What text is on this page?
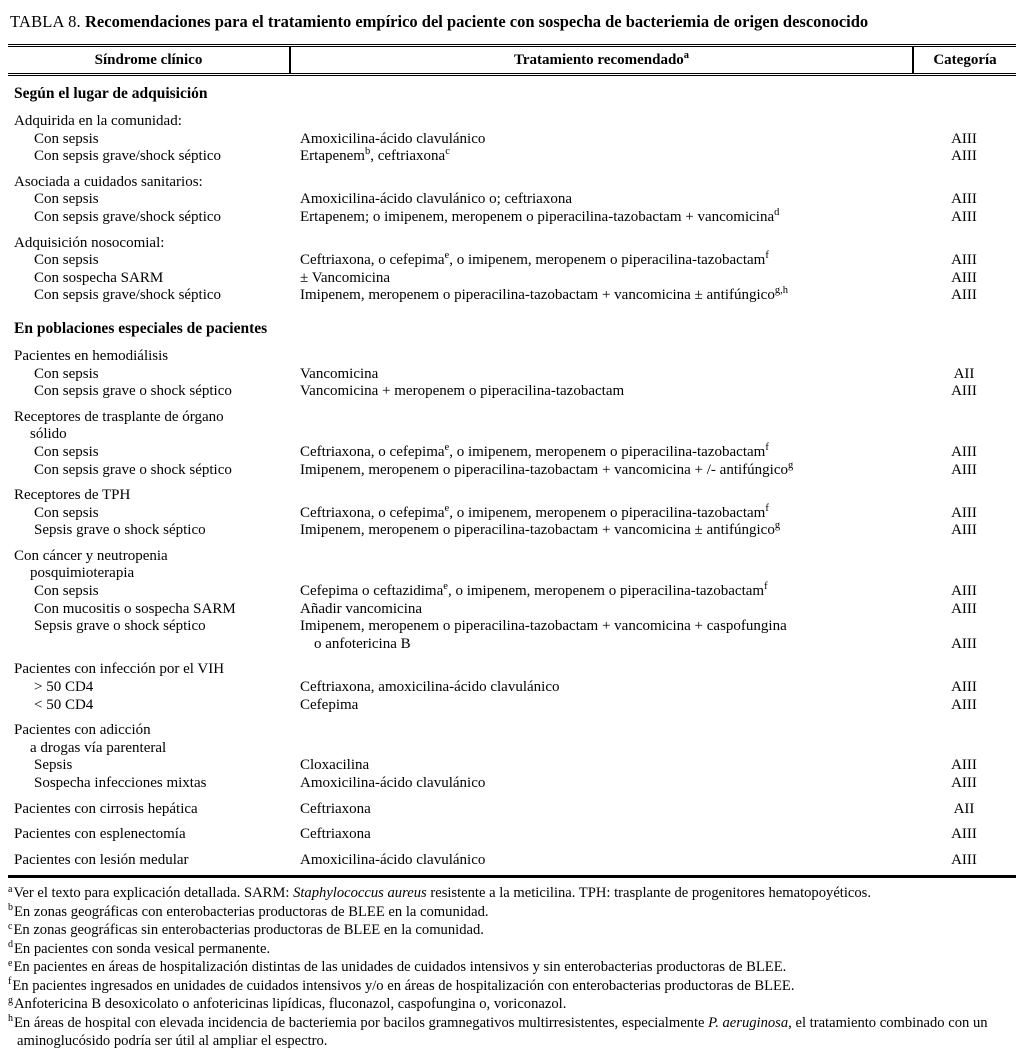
TABLA 8. Recomendaciones para el tratamiento empírico del paciente con sospecha de bacteriemia de origen desconocido
Síndrome clínico	Tratamiento recomendado$^a$	Categoría
Según el lugar de adquisición
Adquirida en la comunidad:
Con sepsis	Amoxicilina-ácido clavulánico	AIII
Con sepsis grave/shock séptico	Ertapenem$^b$, ceftriaxona$^c$	AIII
Asociada a cuidados sanitarios:
Con sepsis	Amoxicilina-ácido clavulánico o; ceftriaxona	AIII
Con sepsis grave/shock séptico	Ertapenem; o imipenem, meropenem o piperacilina-tazobactam + vancomicina$^d$	AIII
Adquisición nosocomial:
Con sepsis	Ceftriaxona, o cefepima$^e$, o imipenem, meropenem o piperacilina-tazobactam$^f$	AIII
Con sospecha SARM	± Vancomicina	AIII
Con sepsis grave/shock séptico	Imipenem, meropenem o piperacilina-tazobactam + vancomicina ± antifúngico$^{g,h}$	AIII
En poblaciones especiales de pacientes
Pacientes en hemodiálisis
Con sepsis	Vancomicina	AII
Con sepsis grave o shock séptico	Vancomicina + meropenem o piperacilina-tazobactam	AIII
Receptores de trasplante de órgano
sólido
Con sepsis	Ceftriaxona, o cefepima$^e$, o imipenem, meropenem o piperacilina-tazobactam$^f$	AIII
Con sepsis grave o shock séptico	Imipenem, meropenem o piperacilina-tazobactam + vancomicina + /- antifúngico$^g$	AIII
Receptores de TPH
Con sepsis	Ceftriaxona, o cefepima$^e$, o imipenem, meropenem o piperacilina-tazobactam$^f$	AIII
Sepsis grave o shock séptico	Imipenem, meropenem o piperacilina-tazobactam + vancomicina ± antifúngico$^g$	AIII
Con cáncer y neutropenia
posquimioterapia
Con sepsis	Cefepima o ceftazidima$^e$, o imipenem, meropenem o piperacilina-tazobactam$^f$	AIII
Con mucositis o sospecha SARM	Añadir vancomicina	AIII
Sepsis grave o shock séptico	Imipenem, meropenem o piperacilina-tazobactam + vancomicina + caspofungina
o anfotericina B	AIII
Pacientes con infección por el VIH
> 50 CD4	Ceftriaxona, amoxicilina-ácido clavulánico	AIII
< 50 CD4	Cefepima	AIII
Pacientes con adicción
a drogas vía parenteral
Sepsis	Cloxacilina	AIII
Sospecha infecciones mixtas	Amoxicilina-ácido clavulánico	AIII
Pacientes con cirrosis hepática	Ceftriaxona	AII
Pacientes con esplenectomía	Ceftriaxona	AIII
Pacientes con lesión medular	Amoxicilina-ácido clavulánico	AIII
$^a$Ver el texto para explicación detallada. SARM: Staphylococcus aureus resistente a la meticilina. TPH: trasplante de progenitores hematopoyéticos.
$^b$En zonas geográficas con enterobacterias productoras de BLEE en la comunidad.
$^c$En zonas geográficas sin enterobacterias productoras de BLEE en la comunidad.
$^d$En pacientes con sonda vesical permanente.
$^e$En pacientes en áreas de hospitalización distintas de las unidades de cuidados intensivos y sin enterobacterias productoras de BLEE.
$^f$En pacientes ingresados en unidades de cuidados intensivos y/o en áreas de hospitalización con enterobacterias productoras de BLEE.
$^g$Anfotericina B desoxicolato o anfotericinas lipídicas, fluconazol, caspofungina o, voriconazol.
$^h$En áreas de hospital con elevada incidencia de bacteriemia por bacilos gramnegativos multirresistentes, especialmente P. aeruginosa, el tratamiento combinado con un aminoglucósido podría ser útil al ampliar el espectro.
